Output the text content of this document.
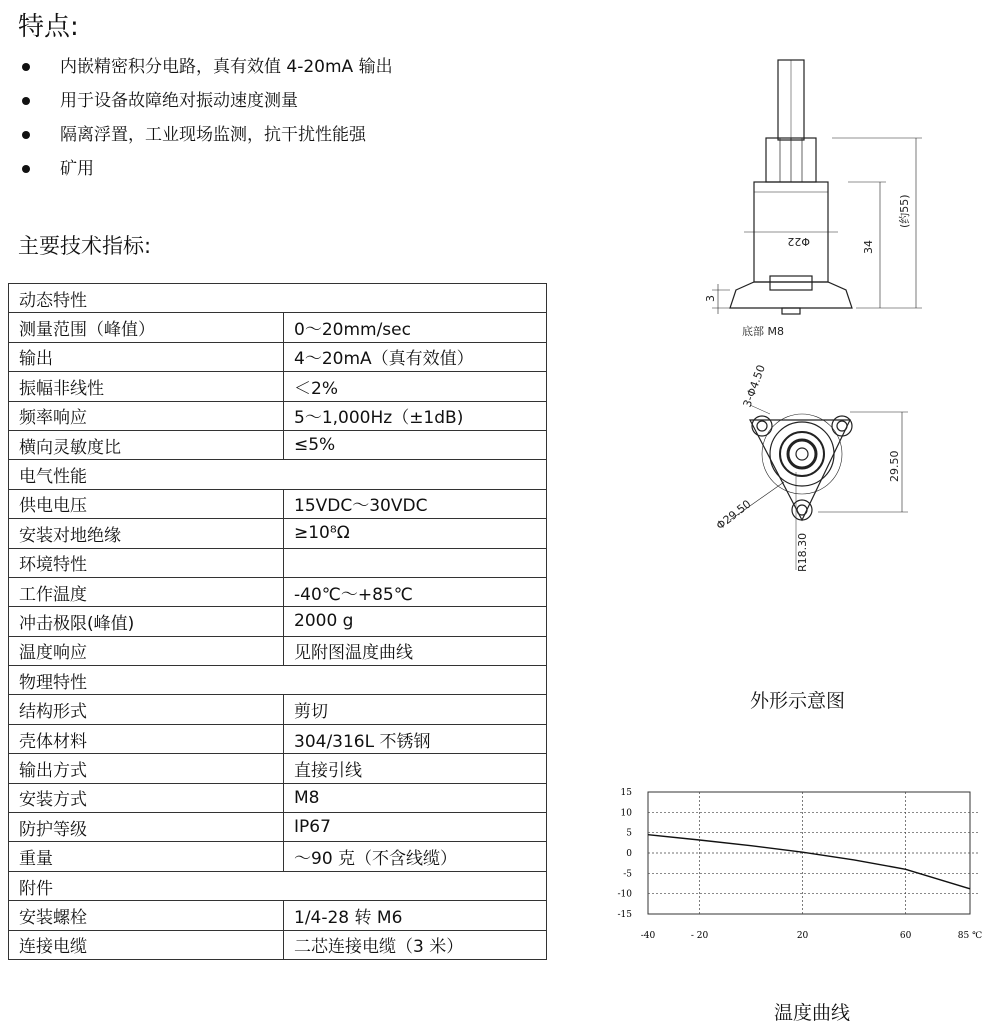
特点:
内嵌精密积分电路，真有效值 4-20mA 输出
用于设备故障绝对振动速度测量
隔离浮置，工业现场监测，抗干扰性能强
矿用
主要技术指标:
动态特性	
测量范围（峰值）	0～20mm/sec
输出	4～20mA（真有效值）
振幅非线性	＜2%
频率响应	5～1,000Hz（±1dB)
横向灵敏度比	≤5%
电气性能	
供电电压	15VDC～30VDC
安装对地绝缘	≥10⁸Ω
环境特性	
工作温度	-40℃～+85℃
冲击极限(峰值)	2000 g
温度响应	见附图温度曲线
物理特性	
结构形式	剪切
壳体材料	304/316L 不锈钢
输出方式	直接引线
安装方式	M8
防护等级	IP67
重量	～90 克（不含线缆）
附件	
安装螺栓	1/4-28 转 M6
连接电缆	二芯连接电缆（3 米）
(约55)
34
3
Φ22
底部 M8
3-Φ4.50
29.50
Φ29.50
R18.30
外形示意图
15
10
5
0
-5
-10
-15
-40	- 20	20	60	85 ℃
温度曲线
